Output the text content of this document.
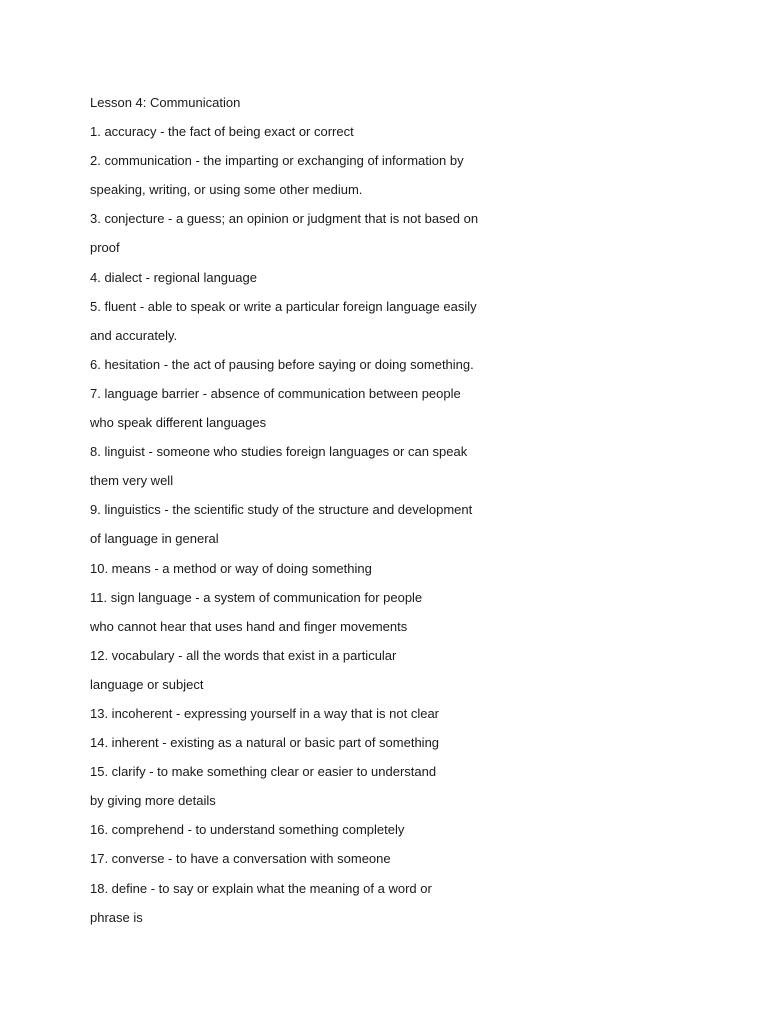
Lesson 4: Communication

1. accuracy - the fact of being exact or correct

2. communication - the imparting or exchanging of information by

speaking, writing, or using some other medium.

3. conjecture - a guess; an opinion or judgment that is not based on

proof

4. dialect - regional language

5. fluent - able to speak or write a particular foreign language easily

and accurately.

6. hesitation - the act of pausing before saying or doing something.

7. language barrier - absence of communication between people

who speak different languages

8. linguist - someone who studies foreign languages or can speak

them very well

9. linguistics - the scientific study of the structure and development

of language in general

10. means - a method or way of doing something

11. sign language - a system of communication for people

who cannot hear that uses hand and finger movements

12. vocabulary - all the words that exist in a particular

language or subject

13. incoherent - expressing yourself in a way that is not clear

14. inherent - existing as a natural or basic part of something

15. clarify - to make something clear or easier to understand

by giving more details

16. comprehend - to understand something completely

17. converse - to have a conversation with someone

18. define - to say or explain what the meaning of a word or

phrase is
